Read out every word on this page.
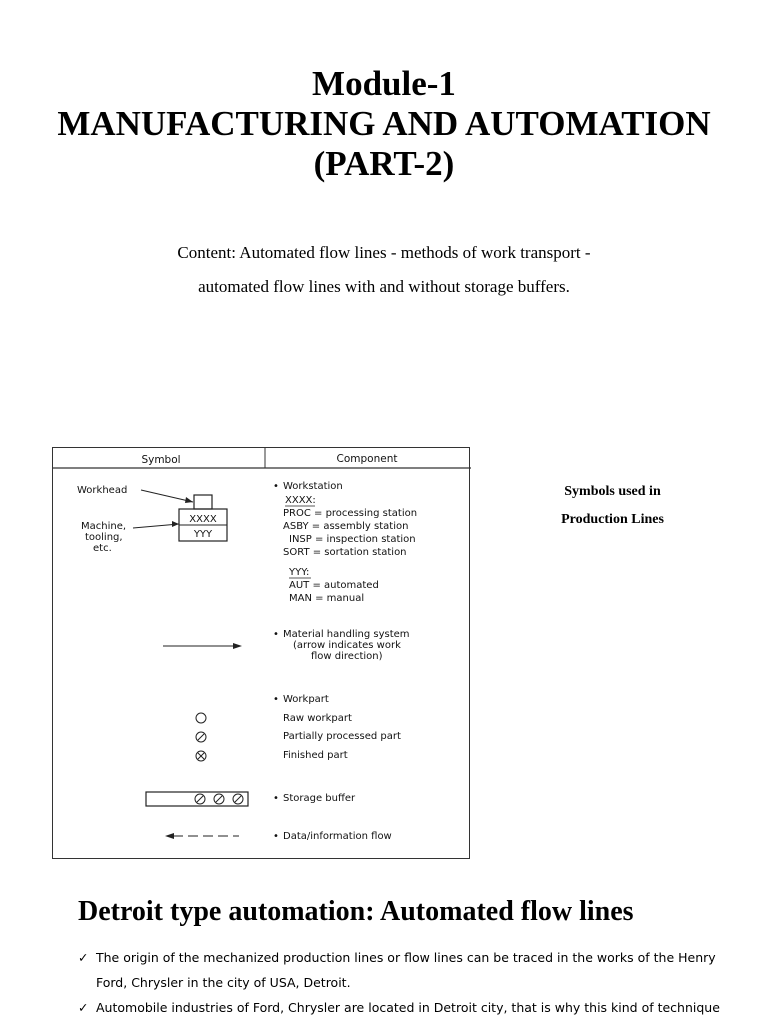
Module-1

MANUFACTURING AND AUTOMATION

(PART-2)

Content: Automated flow lines - methods of work transport -
automated flow lines with and without storage buffers.
Symbol	Component
Workhead
XXXX
YYY
Machine,
tooling,
etc.
• Workstation
XXXX:
PROC = processing station
ASBY = assembly station
INSP = inspection station
SORT = sortation station
YYY:
AUT = automated
MAN = manual
• Material handling system
(arrow indicates work
flow direction)
• Workpart
Raw workpart
Partially processed part
Finished part
• Storage buffer
• Data/information flow
Symbols used in
Production Lines
Detroit type automation: Automated flow lines
✓ The origin of the mechanized production lines or flow lines can be traced in the works of the Henry Ford, Chrysler in the city of USA, Detroit.
✓ Automobile industries of Ford, Chrysler are located in Detroit city, that is why this kind of technique
